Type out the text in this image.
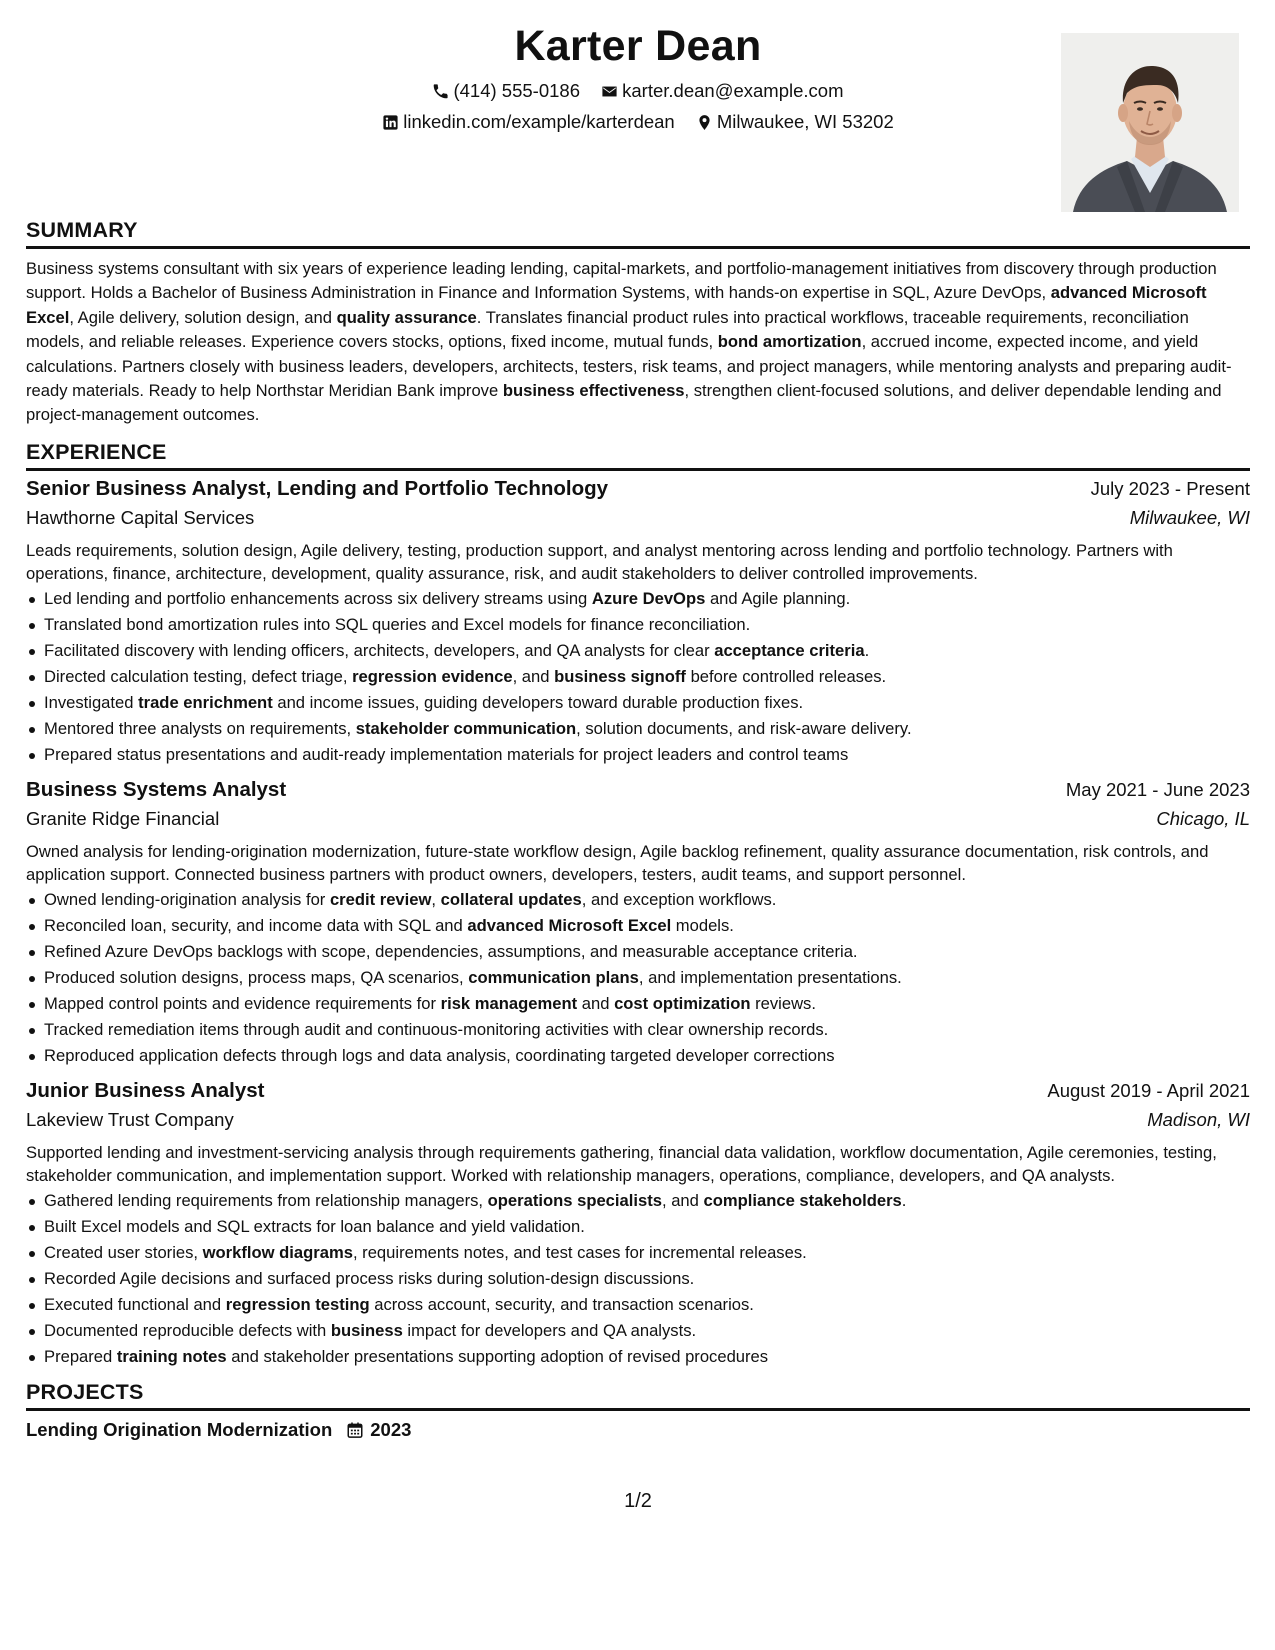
Karter Dean
(414) 555-0186
karter.dean@example.com
linkedin.com/example/karterdean
Milwaukee, WI 53202
SUMMARY

Business systems consultant with six years of experience leading lending, capital-markets, and portfolio-management initiatives from discovery through production support. Holds a Bachelor of Business Administration in Finance and Information Systems, with hands-on expertise in SQL, Azure DevOps, advanced Microsoft Excel, Agile delivery, solution design, and quality assurance. Translates financial product rules into practical workflows, traceable requirements, reconciliation models, and reliable releases. Experience covers stocks, options, fixed income, mutual funds, bond amortization, accrued income, expected income, and yield calculations. Partners closely with business leaders, developers, architects, testers, risk teams, and project managers, while mentoring analysts and preparing audit-ready materials. Ready to help Northstar Meridian Bank improve business effectiveness, strengthen client-focused solutions, and deliver dependable lending and project-management outcomes.

EXPERIENCE
Senior Business Analyst, Lending and Portfolio Technology	July 2023 - Present
Hawthorne Capital Services	Milwaukee, WI

Leads requirements, solution design, Agile delivery, testing, production support, and analyst mentoring across lending and portfolio technology. Partners with operations, finance, architecture, development, quality assurance, risk, and audit stakeholders to deliver controlled improvements.

Led lending and portfolio enhancements across six delivery streams using Azure DevOps and Agile planning.
Translated bond amortization rules into SQL queries and Excel models for finance reconciliation.
Facilitated discovery with lending officers, architects, developers, and QA analysts for clear acceptance criteria.
Directed calculation testing, defect triage, regression evidence, and business signoff before controlled releases.
Investigated trade enrichment and income issues, guiding developers toward durable production fixes.
Mentored three analysts on requirements, stakeholder communication, solution documents, and risk-aware delivery.
Prepared status presentations and audit-ready implementation materials for project leaders and control teams
Business Systems Analyst	May 2021 - June 2023
Granite Ridge Financial	Chicago, IL

Owned analysis for lending-origination modernization, future-state workflow design, Agile backlog refinement, quality assurance documentation, risk controls, and application support. Connected business partners with product owners, developers, testers, audit teams, and support personnel.

Owned lending-origination analysis for credit review, collateral updates, and exception workflows.
Reconciled loan, security, and income data with SQL and advanced Microsoft Excel models.
Refined Azure DevOps backlogs with scope, dependencies, assumptions, and measurable acceptance criteria.
Produced solution designs, process maps, QA scenarios, communication plans, and implementation presentations.
Mapped control points and evidence requirements for risk management and cost optimization reviews.
Tracked remediation items through audit and continuous-monitoring activities with clear ownership records.
Reproduced application defects through logs and data analysis, coordinating targeted developer corrections
Junior Business Analyst	August 2019 - April 2021
Lakeview Trust Company	Madison, WI

Supported lending and investment-servicing analysis through requirements gathering, financial data validation, workflow documentation, Agile ceremonies, testing, stakeholder communication, and implementation support. Worked with relationship managers, operations, compliance, developers, and QA analysts.

Gathered lending requirements from relationship managers, operations specialists, and compliance stakeholders.
Built Excel models and SQL extracts for loan balance and yield validation.
Created user stories, workflow diagrams, requirements notes, and test cases for incremental releases.
Recorded Agile decisions and surfaced process risks during solution-design discussions.
Executed functional and regression testing across account, security, and transaction scenarios.
Documented reproducible defects with business impact for developers and QA analysts.
Prepared training notes and stakeholder presentations supporting adoption of revised procedures
PROJECTS
Lending Origination Modernization 2023
1/2
